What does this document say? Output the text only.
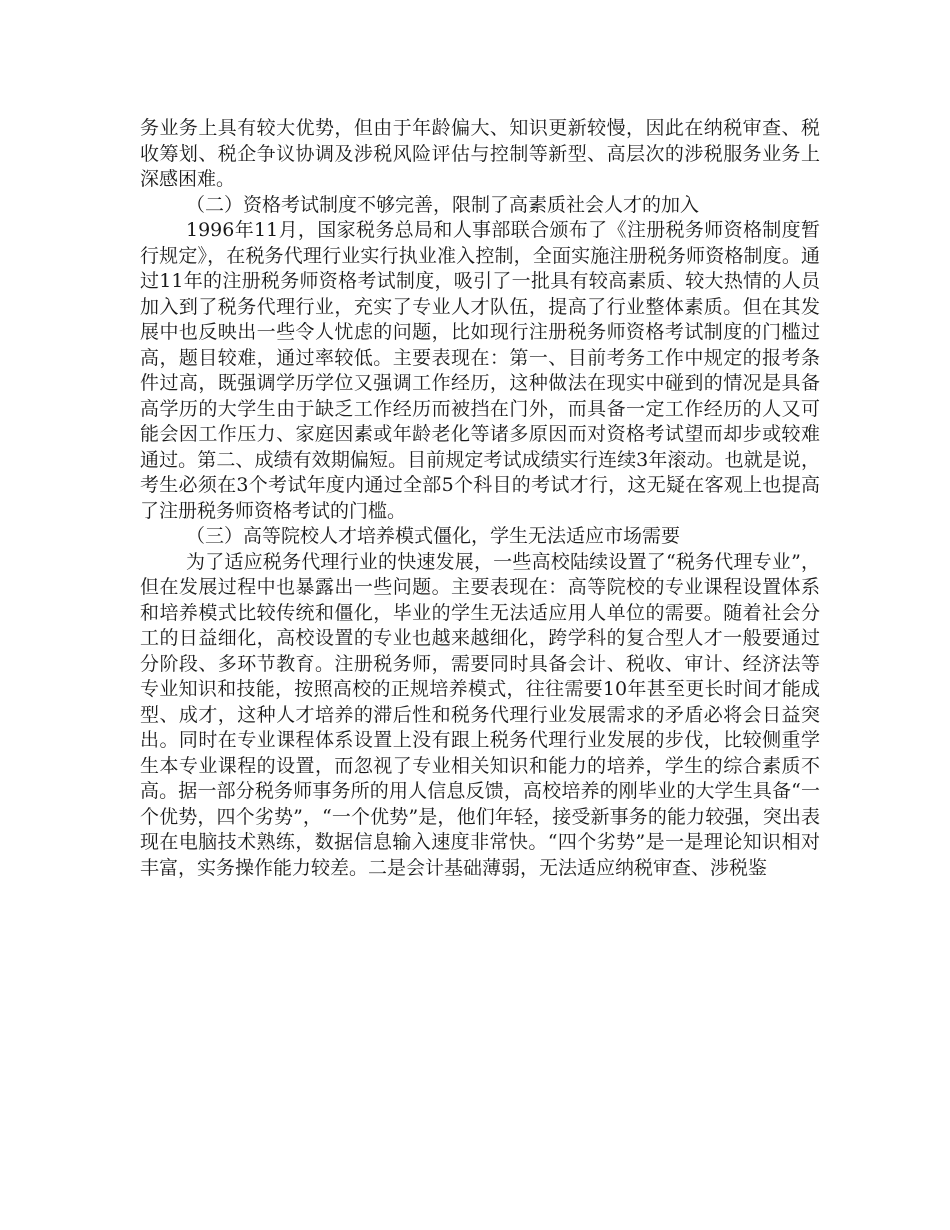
务业务上具有较大优势，但由于年龄偏大、知识更新较慢，因此在纳税审查、税收筹划、税企争议协调及涉税风险评估与控制等新型、高层次的涉税服务业务上深感困难。

（二）资格考试制度不够完善，限制了高素质社会人才的加入

1996年11月，国家税务总局和人事部联合颁布了《注册税务师资格制度暂行规定》，在税务代理行业实行执业准入控制，全面实施注册税务师资格制度。通过11年的注册税务师资格考试制度，吸引了一批具有较高素质、较大热情的人员加入到了税务代理行业，充实了专业人才队伍，提高了行业整体素质。但在其发展中也反映出一些令人忧虑的问题，比如现行注册税务师资格考试制度的门槛过高，题目较难，通过率较低。主要表现在：第一、目前考务工作中规定的报考条件过高，既强调学历学位又强调工作经历，这种做法在现实中碰到的情况是具备高学历的大学生由于缺乏工作经历而被挡在门外，而具备一定工作经历的人又可能会因工作压力、家庭因素或年龄老化等诸多原因而对资格考试望而却步或较难通过。第二、成绩有效期偏短。目前规定考试成绩实行连续3年滚动。也就是说，考生必须在3个考试年度内通过全部5个科目的考试才行，这无疑在客观上也提高了注册税务师资格考试的门槛。

（三）高等院校人才培养模式僵化，学生无法适应市场需要

为了适应税务代理行业的快速发展，一些高校陆续设置了“税务代理专业”，但在发展过程中也暴露出一些问题。主要表现在：高等院校的专业课程设置体系和培养模式比较传统和僵化，毕业的学生无法适应用人单位的需要。随着社会分工的日益细化，高校设置的专业也越来越细化，跨学科的复合型人才一般要通过分阶段、多环节教育。注册税务师，需要同时具备会计、税收、审计、经济法等专业知识和技能，按照高校的正规培养模式，往往需要10年甚至更长时间才能成型、成才，这种人才培养的滞后性和税务代理行业发展需求的矛盾必将会日益突出。同时在专业课程体系设置上没有跟上税务代理行业发展的步伐，比较侧重学生本专业课程的设置，而忽视了专业相关知识和能力的培养，学生的综合素质不高。据一部分税务师事务所的用人信息反馈，高校培养的刚毕业的大学生具备“一个优势，四个劣势”，“一个优势”是，他们年轻，接受新事务的能力较强，突出表现在电脑技术熟练，数据信息输入速度非常快。“四个劣势”是一是理论知识相对丰富，实务操作能力较差。二是会计基础薄弱，无法适应纳税审查、涉税鉴
